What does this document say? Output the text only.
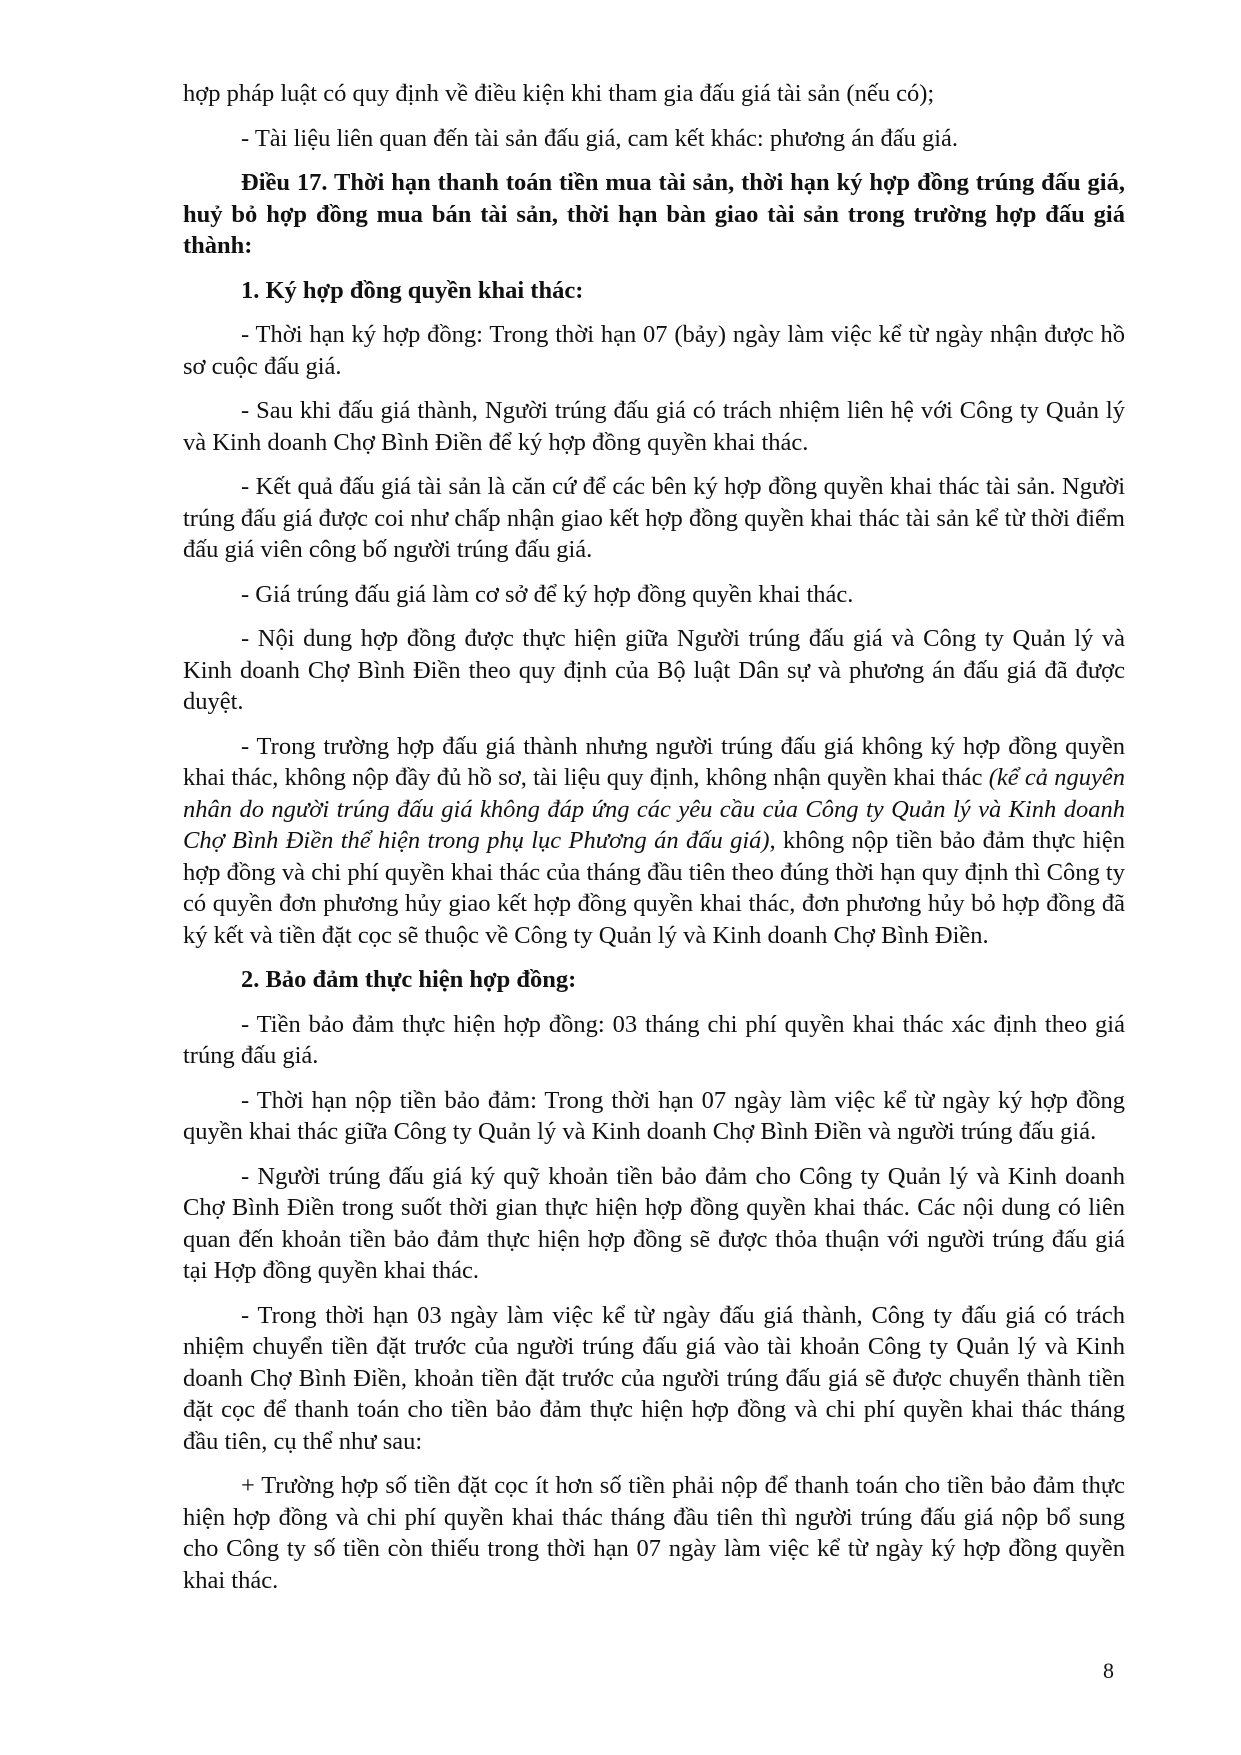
hợp pháp luật có quy định về điều kiện khi tham gia đấu giá tài sản (nếu có);

- Tài liệu liên quan đến tài sản đấu giá, cam kết khác: phương án đấu giá.

Điều 17. Thời hạn thanh toán tiền mua tài sản, thời hạn ký hợp đồng trúng đấu giá, huỷ bỏ hợp đồng mua bán tài sản, thời hạn bàn giao tài sản trong trường hợp đấu giá thành:

1. Ký hợp đồng quyền khai thác:

- Thời hạn ký hợp đồng: Trong thời hạn 07 (bảy) ngày làm việc kể từ ngày nhận được hồ sơ cuộc đấu giá.

- Sau khi đấu giá thành, Người trúng đấu giá có trách nhiệm liên hệ với Công ty Quản lý và Kinh doanh Chợ Bình Điền để ký hợp đồng quyền khai thác.

- Kết quả đấu giá tài sản là căn cứ để các bên ký hợp đồng quyền khai thác tài sản. Người trúng đấu giá được coi như chấp nhận giao kết hợp đồng quyền khai thác tài sản kể từ thời điểm đấu giá viên công bố người trúng đấu giá.

- Giá trúng đấu giá làm cơ sở để ký hợp đồng quyền khai thác.

- Nội dung hợp đồng được thực hiện giữa Người trúng đấu giá và Công ty Quản lý và Kinh doanh Chợ Bình Điền theo quy định của Bộ luật Dân sự và phương án đấu giá đã được duyệt.

- Trong trường hợp đấu giá thành nhưng người trúng đấu giá không ký hợp đồng quyền khai thác, không nộp đầy đủ hồ sơ, tài liệu quy định, không nhận quyền khai thác (kể cả nguyên nhân do người trúng đấu giá không đáp ứng các yêu cầu của Công ty Quản lý và Kinh doanh Chợ Bình Điền thể hiện trong phụ lục Phương án đấu giá), không nộp tiền bảo đảm thực hiện hợp đồng và chi phí quyền khai thác của tháng đầu tiên theo đúng thời hạn quy định thì Công ty có quyền đơn phương hủy giao kết hợp đồng quyền khai thác, đơn phương hủy bỏ hợp đồng đã ký kết và tiền đặt cọc sẽ thuộc về Công ty Quản lý và Kinh doanh Chợ Bình Điền.

2. Bảo đảm thực hiện hợp đồng:

- Tiền bảo đảm thực hiện hợp đồng: 03 tháng chi phí quyền khai thác xác định theo giá trúng đấu giá.

- Thời hạn nộp tiền bảo đảm: Trong thời hạn 07 ngày làm việc kể từ ngày ký hợp đồng quyền khai thác giữa Công ty Quản lý và Kinh doanh Chợ Bình Điền và người trúng đấu giá.

- Người trúng đấu giá ký quỹ khoản tiền bảo đảm cho Công ty Quản lý và Kinh doanh Chợ Bình Điền trong suốt thời gian thực hiện hợp đồng quyền khai thác. Các nội dung có liên quan đến khoản tiền bảo đảm thực hiện hợp đồng sẽ được thỏa thuận với người trúng đấu giá tại Hợp đồng quyền khai thác.

- Trong thời hạn 03 ngày làm việc kể từ ngày đấu giá thành, Công ty đấu giá có trách nhiệm chuyển tiền đặt trước của người trúng đấu giá vào tài khoản Công ty Quản lý và Kinh doanh Chợ Bình Điền, khoản tiền đặt trước của người trúng đấu giá sẽ được chuyển thành tiền đặt cọc để thanh toán cho tiền bảo đảm thực hiện hợp đồng và chi phí quyền khai thác tháng đầu tiên, cụ thể như sau:

+ Trường hợp số tiền đặt cọc ít hơn số tiền phải nộp để thanh toán cho tiền bảo đảm thực hiện hợp đồng và chi phí quyền khai thác tháng đầu tiên thì người trúng đấu giá nộp bổ sung cho Công ty số tiền còn thiếu trong thời hạn 07 ngày làm việc kể từ ngày ký hợp đồng quyền khai thác.

8
